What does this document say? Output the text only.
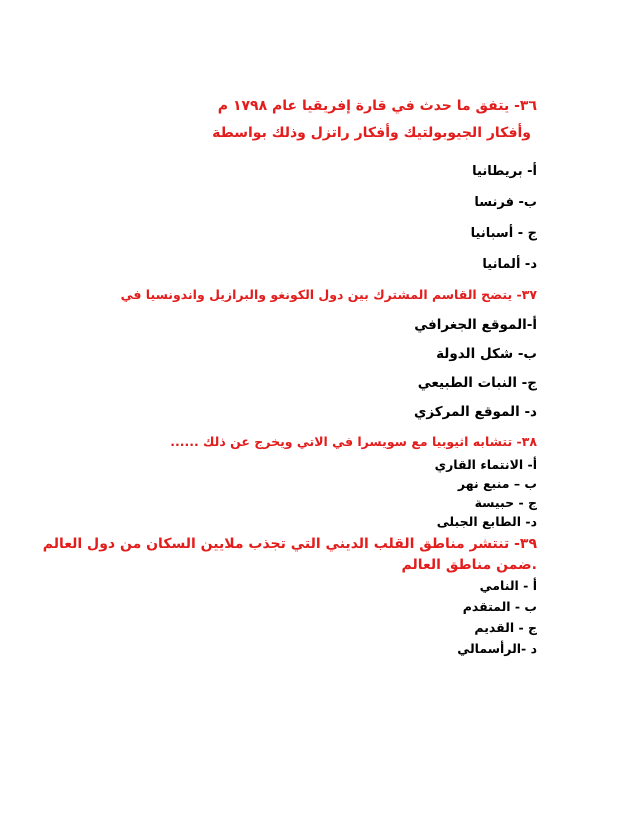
٣٦- يتفق ما حدث في قارة إفريقيا عام ١٧٩٨ م
وأفكار الجيوبولتيك وأفكار راتزل وذلك بواسطة
أ- بريطانيا
ب- فرنسا
ج - أسبانيا
د- ألمانيا
٣٧- يتضح القاسم المشترك بين دول الكونغو والبرازيل واندونسيا في
أ-الموقع الجغرافي
ب- شكل الدولة
ج- النبات الطبيعي
د- الموقع المركزي
٣٨- تتشابه اثيوبيا مع سويسرا في الاتي ويخرج عن ذلك ......
أ- الانتماء القاري
ب – منبع نهر
ج - حبيسة
د- الطابع الجبلى
٣٩- تنتشر مناطق القلب الديني التي تجذب ملايين السكان من دول العالم
.ضمن مناطق العالم
أ - النامي
ب - المتقدم
ج - القديم
د -الرأسمالي
